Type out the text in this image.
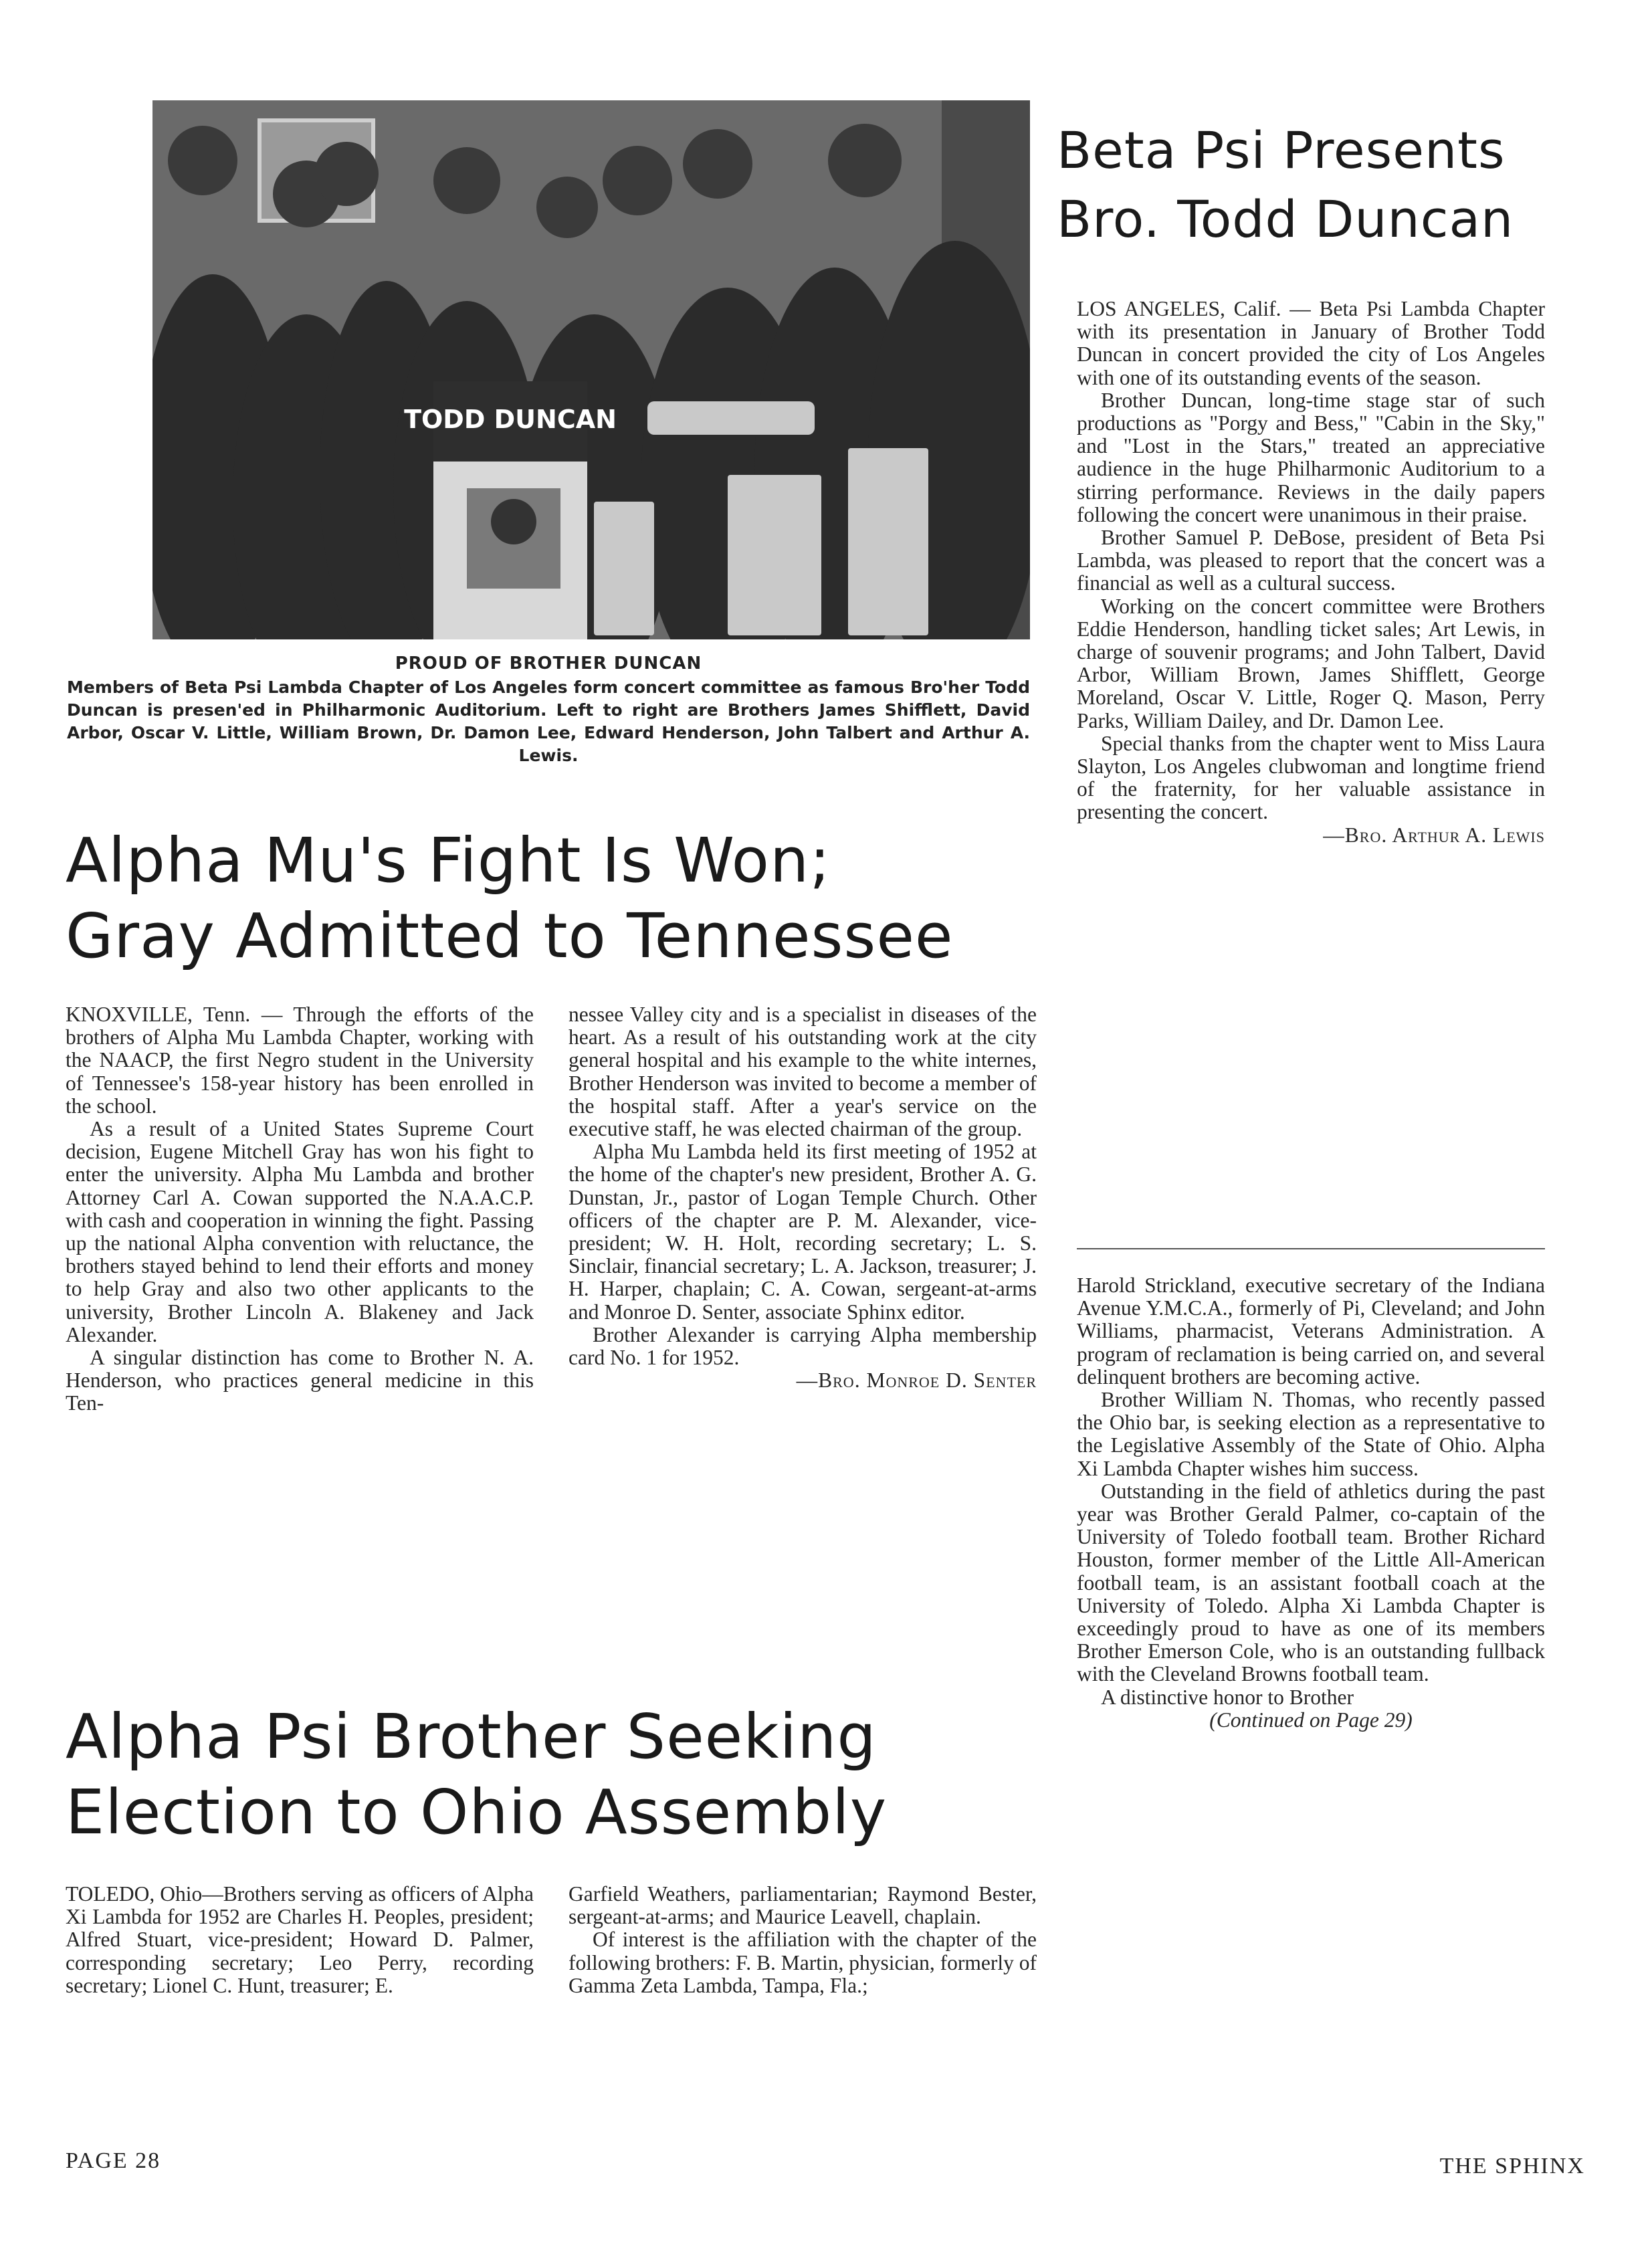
TODD DUNCAN
PROUD OF BROTHER DUNCAN
Members of Beta Psi Lambda Chapter of Los Angeles form concert committee as famous Bro'her Todd Duncan is presen'ed in Philharmonic Auditorium. Left to right are Brothers James Shifflett, David Arbor, Oscar V. Little, William Brown, Dr. Damon Lee, Edward Henderson, John Talbert and Arthur A. Lewis.
Beta Psi Presents
Bro. Todd Duncan

LOS ANGELES, Calif. — Beta Psi Lambda Chapter with its presentation in January of Brother Todd Duncan in concert provided the city of Los Angeles with one of its outstanding events of the season.

Brother Duncan, long-time stage star of such productions as "Porgy and Bess," "Cabin in the Sky," and "Lost in the Stars," treated an appreciative audience in the huge Philharmonic Auditorium to a stirring performance. Reviews in the daily papers following the concert were unanimous in their praise.

Brother Samuel P. DeBose, president of Beta Psi Lambda, was pleased to report that the concert was a financial as well as a cultural success.

Working on the concert committee were Brothers Eddie Henderson, handling ticket sales; Art Lewis, in charge of souvenir programs; and John Talbert, David Arbor, William Brown, James Shifflett, George Moreland, Oscar V. Little, Roger Q. Mason, Perry Parks, William Dailey, and Dr. Damon Lee.

Special thanks from the chapter went to Miss Laura Slayton, Los Angeles clubwoman and longtime friend of the fraternity, for her valuable assistance in presenting the concert.

—Bro. Arthur A. Lewis
Alpha Mu's Fight Is Won;
Gray Admitted to Tennessee

KNOXVILLE, Tenn. — Through the efforts of the brothers of Alpha Mu Lambda Chapter, working with the NAACP, the first Negro student in the University of Tennessee's 158-year history has been enrolled in the school.

As a result of a United States Supreme Court decision, Eugene Mitchell Gray has won his fight to enter the university. Alpha Mu Lambda and brother Attorney Carl A. Cowan supported the N.A.A.C.P. with cash and cooperation in winning the fight. Passing up the national Alpha convention with reluctance, the brothers stayed behind to lend their efforts and money to help Gray and also two other applicants to the university, Brother Lincoln A. Blakeney and Jack Alexander.

A singular distinction has come to Brother N. A. Henderson, who practices general medicine in this Ten-

nessee Valley city and is a specialist in diseases of the heart. As a result of his outstanding work at the city general hospital and his example to the white internes, Brother Henderson was invited to become a member of the hospital staff. After a year's service on the executive staff, he was elected chairman of the group.

Alpha Mu Lambda held its first meeting of 1952 at the home of the chapter's new president, Brother A. G. Dunstan, Jr., pastor of Logan Temple Church. Other officers of the chapter are P. M. Alexander, vice-president; W. H. Holt, recording secretary; L. S. Sinclair, financial secretary; L. A. Jackson, treasurer; J. H. Harper, chaplain; C. A. Cowan, sergeant-at-arms and Monroe D. Senter, associate Sphinx editor.

Brother Alexander is carrying Alpha membership card No. 1 for 1952.

—Bro. Monroe D. Senter
Alpha Psi Brother Seeking
Election to Ohio Assembly

TOLEDO, Ohio—Brothers serving as officers of Alpha Xi Lambda for 1952 are Charles H. Peoples, president; Alfred Stuart, vice-president; Howard D. Palmer, corresponding secretary; Leo Perry, recording secretary; Lionel C. Hunt, treasurer; E.

Garfield Weathers, parliamentarian; Raymond Bester, sergeant-at-arms; and Maurice Leavell, chaplain.

Of interest is the affiliation with the chapter of the following brothers: F. B. Martin, physician, formerly of Gamma Zeta Lambda, Tampa, Fla.;

Harold Strickland, executive secretary of the Indiana Avenue Y.M.C.A., formerly of Pi, Cleveland; and John Williams, pharmacist, Veterans Administration. A program of reclamation is being carried on, and several delinquent brothers are becoming active.

Brother William N. Thomas, who recently passed the Ohio bar, is seeking election as a representative to the Legislative Assembly of the State of Ohio. Alpha Xi Lambda Chapter wishes him success.

Outstanding in the field of athletics during the past year was Brother Gerald Palmer, co-captain of the University of Toledo football team. Brother Richard Houston, former member of the Little All-American football team, is an assistant football coach at the University of Toledo. Alpha Xi Lambda Chapter is exceedingly proud to have as one of its members Brother Emerson Cole, who is an outstanding fullback with the Cleveland Browns football team.

A distinctive honor to Brother

(Continued on Page 29)
PAGE 28	THE SPHINX
